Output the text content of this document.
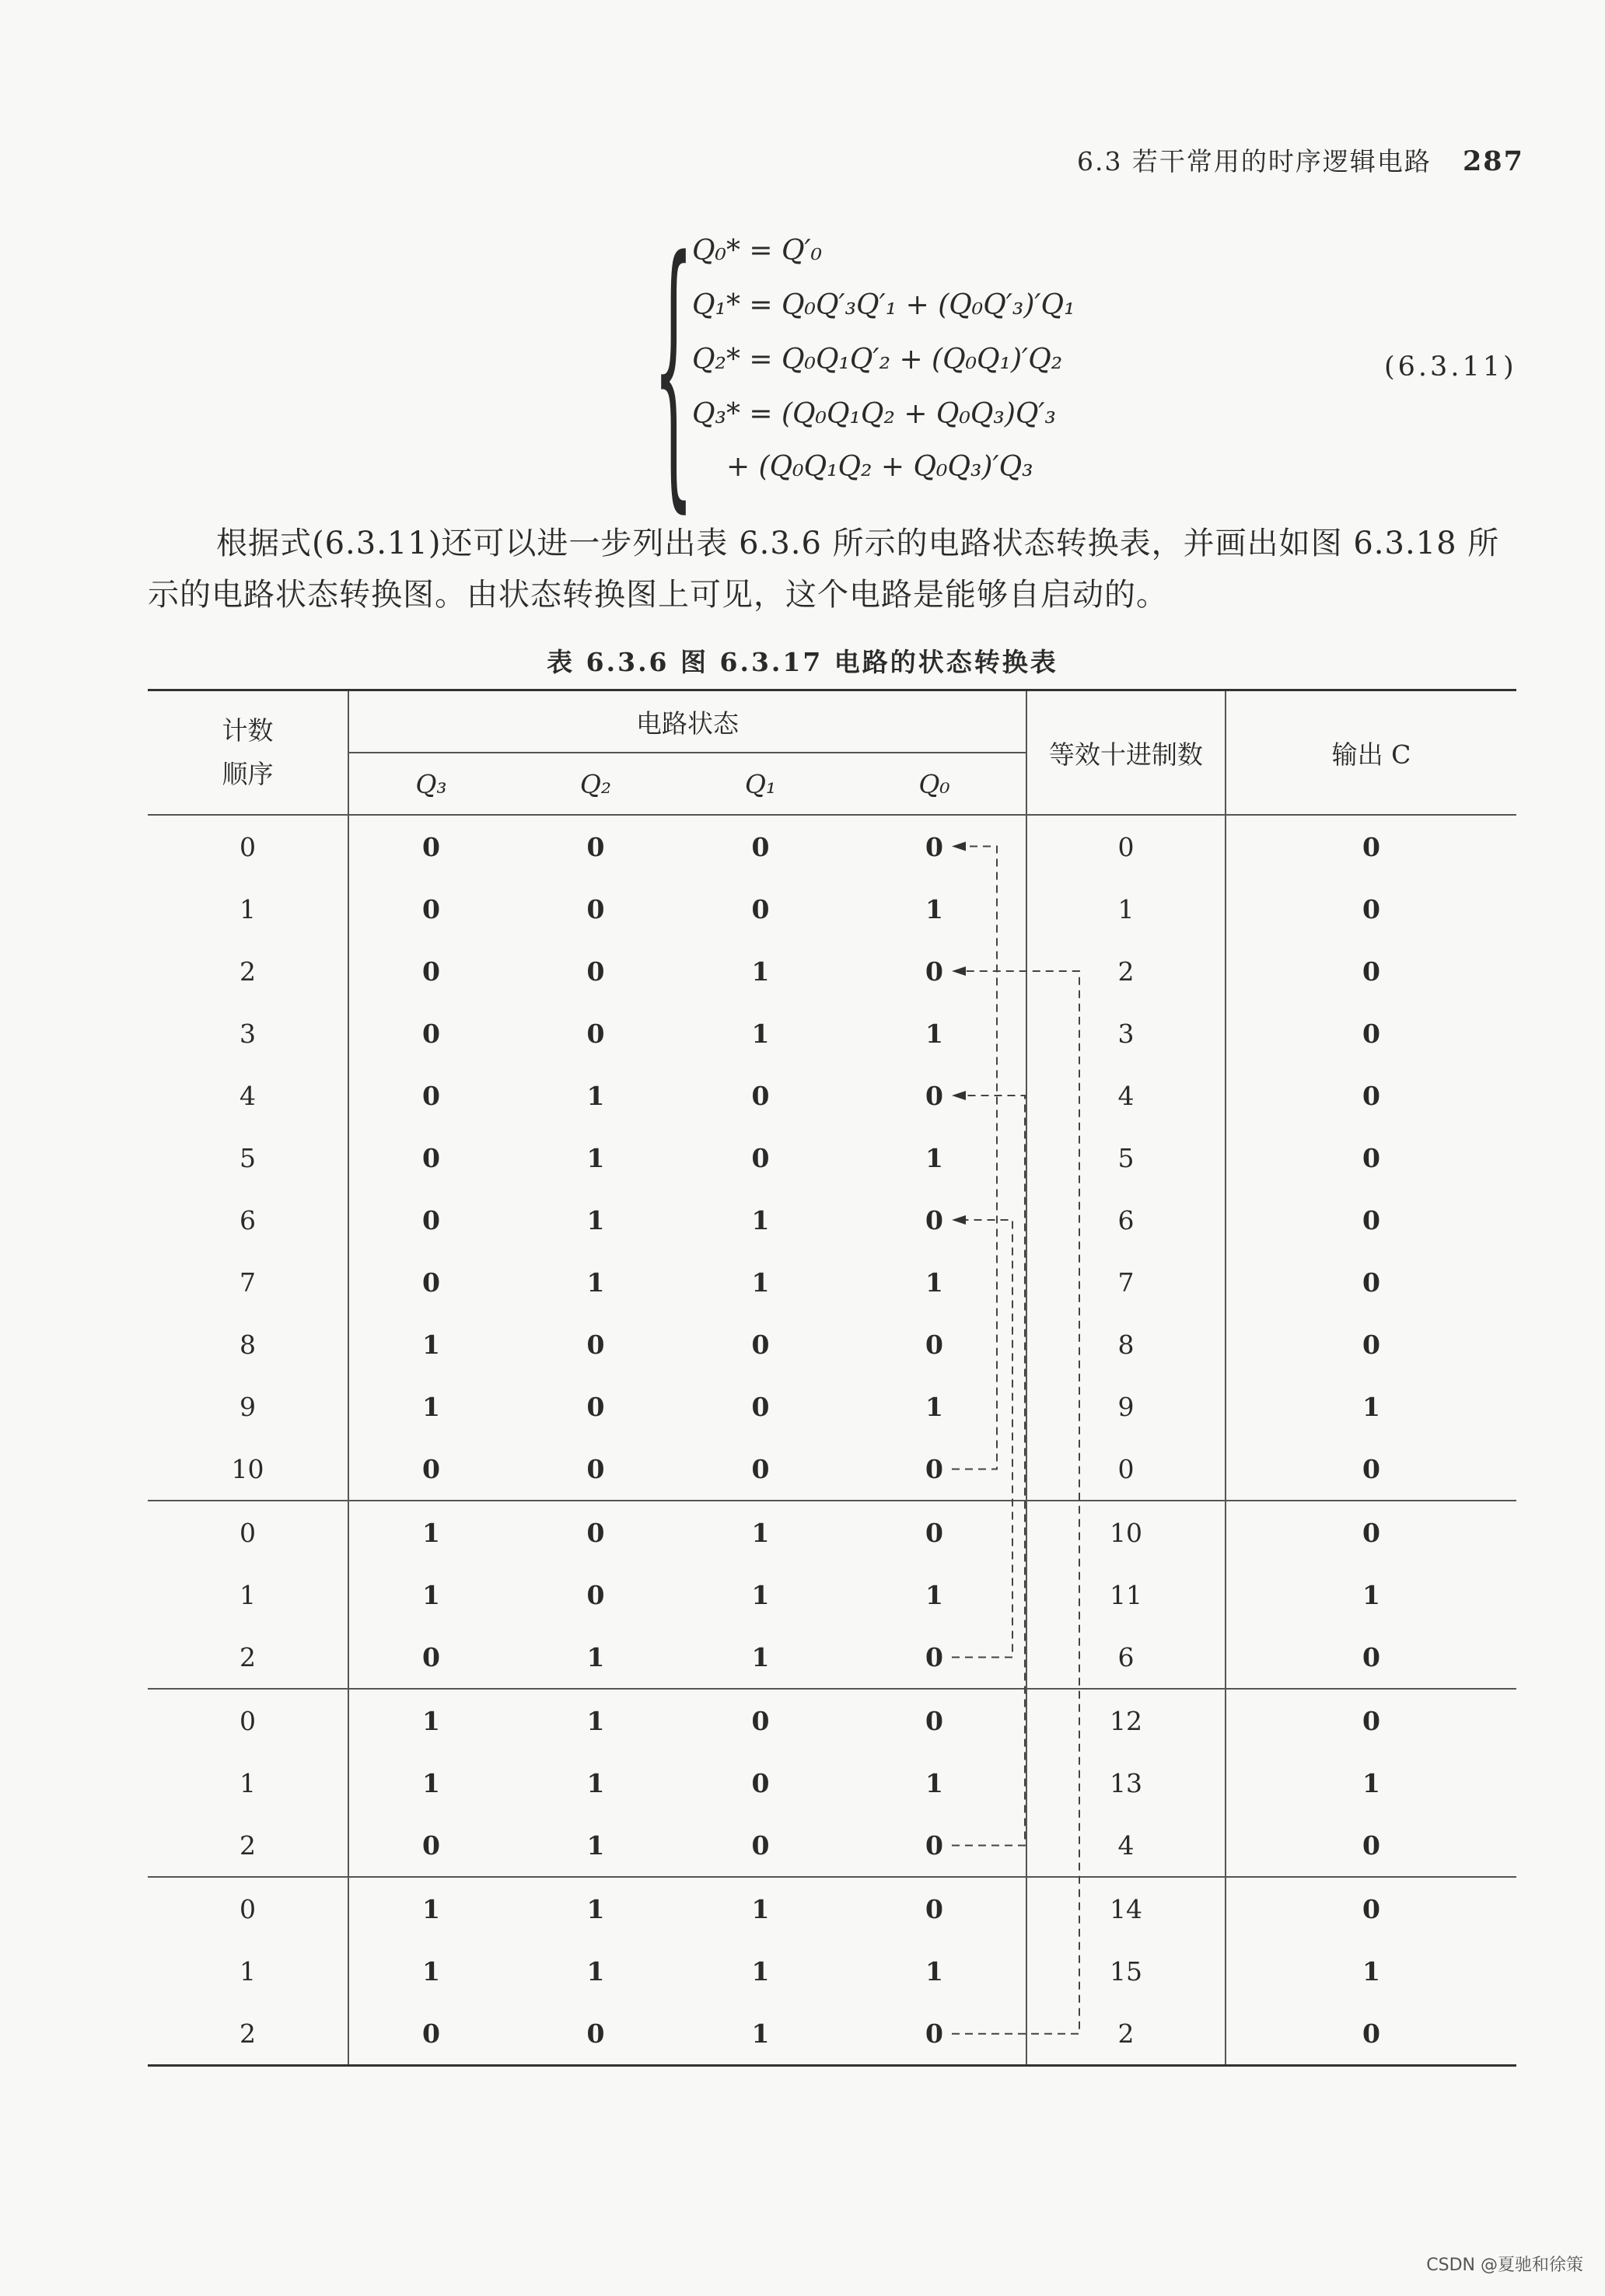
6.3 若干常用的时序逻辑电路 287
{
Q₀* = Q′₀
Q₁* = Q₀Q′₃Q′₁ + (Q₀Q′₃)′Q₁
Q₂* = Q₀Q₁Q′₂ + (Q₀Q₁)′Q₂
Q₃* = (Q₀Q₁Q₂ + Q₀Q₃)Q′₃
+ (Q₀Q₁Q₂ + Q₀Q₃)′Q₃
(6.3.11)
根据式(6.3.11)还可以进一步列出表 6.3.6 所示的电路状态转换表，并画出如图 6.3.18 所
示的电路状态转换图。由状态转换图上可见，这个电路是能够自启动的。
表 6.3.6 图 6.3.17 电路的状态转换表
计数
顺序	电路状态				等效十进制数	输出 C
	Q₃	Q₂	Q₁	Q₀		
0	0	0	0	0	0	0
1	0	0	0	1	1	0
2	0	0	1	0	2	0
3	0	0	1	1	3	0
4	0	1	0	0	4	0
5	0	1	0	1	5	0
6	0	1	1	0	6	0
7	0	1	1	1	7	0
8	1	0	0	0	8	0
9	1	0	0	1	9	1
10	0	0	0	0	0	0
0	1	0	1	0	10	0
1	1	0	1	1	11	1
2	0	1	1	0	6	0
0	1	1	0	0	12	0
1	1	1	0	1	13	1
2	0	1	0	0	4	0
0	1	1	1	0	14	0
1	1	1	1	1	15	1
2	0	0	1	0	2	0
CSDN @夏驰和徐策
